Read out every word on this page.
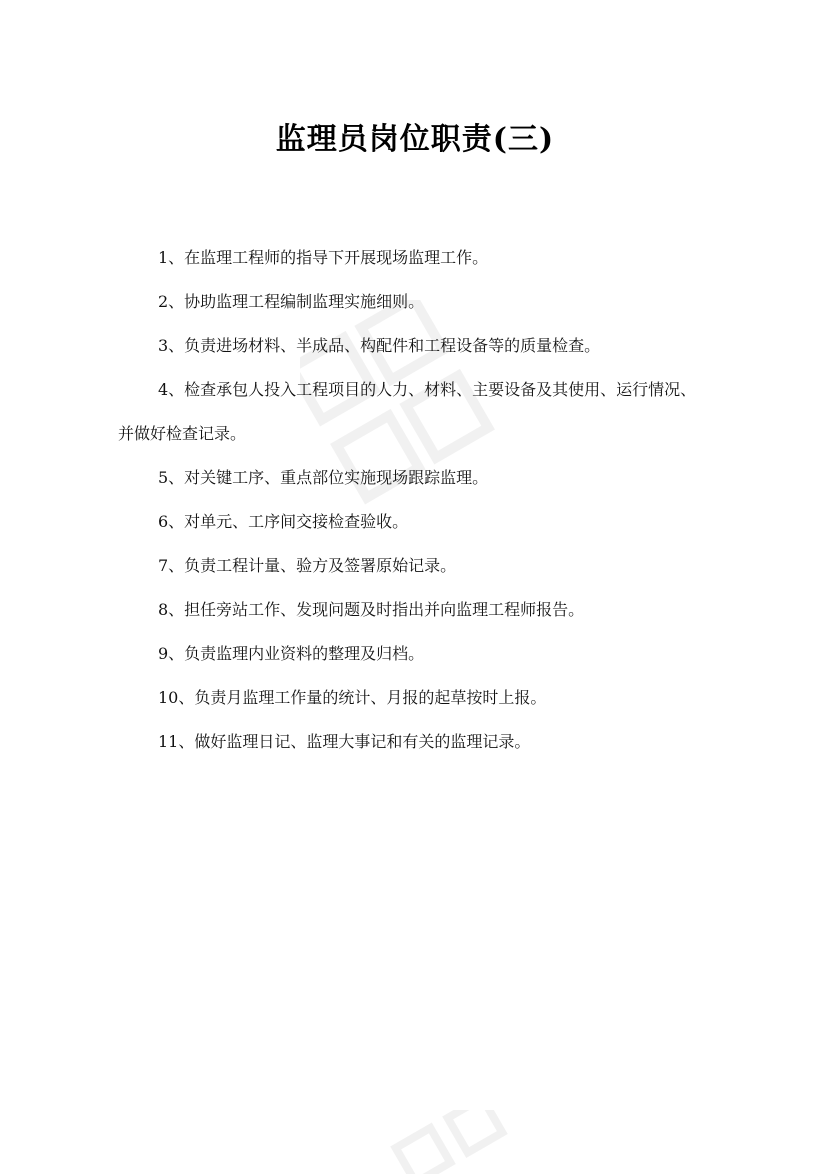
监理员岗位职责(三)
1、在监理工程师的指导下开展现场监理工作。
2、协助监理工程编制监理实施细则。
3、负责进场材料、半成品、构配件和工程设备等的质量检查。
4、检查承包人投入工程项目的人力、材料、主要设备及其使用、运行情况、并做好检查记录。
5、对关键工序、重点部位实施现场跟踪监理。
6、对单元、工序间交接检查验收。
7、负责工程计量、验方及签署原始记录。
8、担任旁站工作、发现问题及时指出并向监理工程师报告。
9、负责监理内业资料的整理及归档。
10、负责月监理工作量的统计、月报的起草按时上报。
11、做好监理日记、监理大事记和有关的监理记录。
